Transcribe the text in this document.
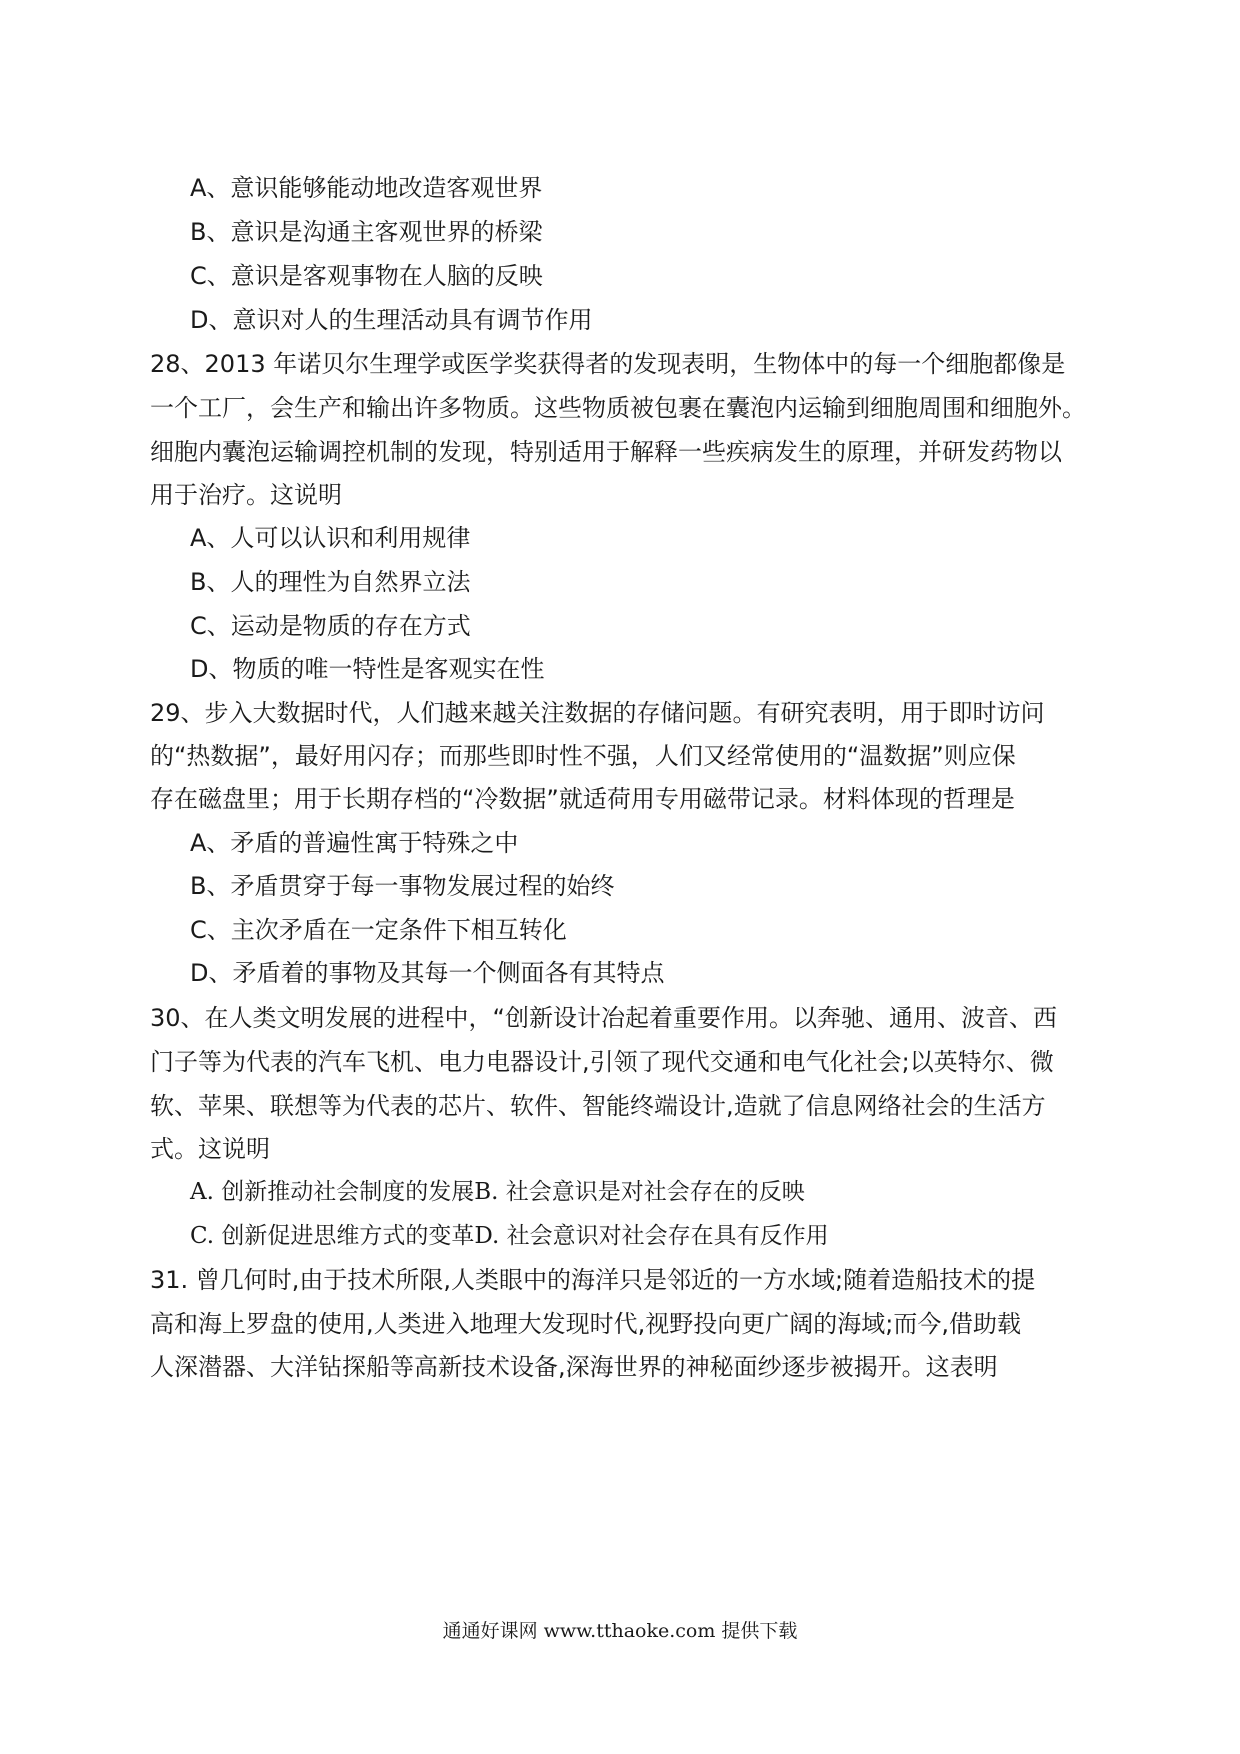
A、意识能够能动地改造客观世界
B、意识是沟通主客观世界的桥梁
C、意识是客观事物在人脑的反映
D、意识对人的生理活动具有调节作用
28、2013 年诺贝尔生理学或医学奖获得者的发现表明，生物体中的每一个细胞都像是
一个工厂，会生产和输出许多物质。这些物质被包裹在囊泡内运输到细胞周围和细胞外。
细胞内囊泡运输调控机制的发现，特别适用于解释一些疾病发生的原理，并研发药物以
用于治疗。这说明
A、人可以认识和利用规律
B、人的理性为自然界立法
C、运动是物质的存在方式
D、物质的唯一特性是客观实在性
29、步入大数据时代，人们越来越关注数据的存储问题。有研究表明，用于即时访问
的“热数据”，最好用闪存；而那些即时性不强，人们又经常使用的“温数据”则应保
存在磁盘里；用于长期存档的“冷数据”就适荷用专用磁带记录。材料体现的哲理是
A、矛盾的普遍性寓于特殊之中
B、矛盾贯穿于每一事物发展过程的始终
C、主次矛盾在一定条件下相互转化
D、矛盾着的事物及其每一个侧面各有其特点
30、在人类文明发展的进程中，“创新设计冶起着重要作用。以奔驰、通用、波音、西
门子等为代表的汽车飞机、电力电器设计,引领了现代交通和电气化社会;以英特尔、微
软、苹果、联想等为代表的芯片、软件、智能终端设计,造就了信息网络社会的生活方
式。这说明
A. 创新推动社会制度的发展B. 社会意识是对社会存在的反映
C. 创新促进思维方式的变革D. 社会意识对社会存在具有反作用
31. 曾几何时,由于技术所限,人类眼中的海洋只是邻近的一方水域;随着造船技术的提
高和海上罗盘的使用,人类进入地理大发现时代,视野投向更广阔的海域;而今,借助载
人深潜器、大洋钻探船等高新技术设备,深海世界的神秘面纱逐步被揭开。这表明
通通好课网 www.tthaoke.com 提供下载
